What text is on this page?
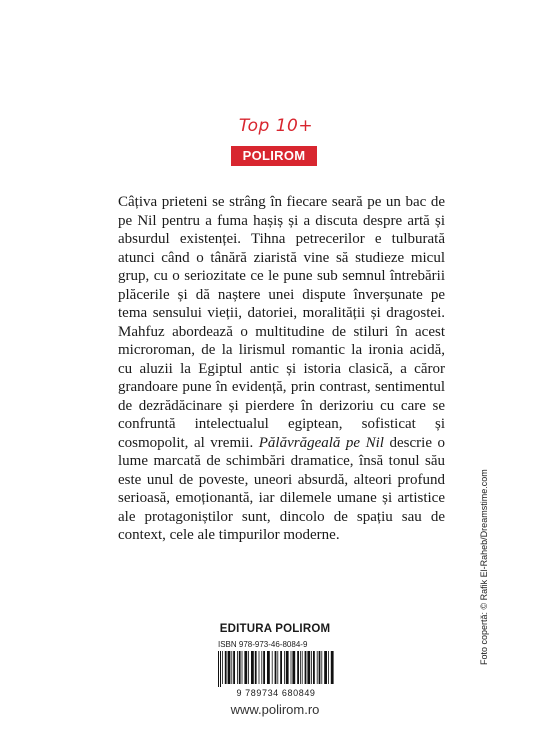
Top 10+
POLIROM

Câțiva prieteni se strâng în fiecare seară pe un bac de pe Nil pentru a fuma hașiș și a discuta despre artă și absurdul existenței. Tihna petrecerilor e tulburată atunci când o tânără ziaristă vine să studieze micul grup, cu o seriozitate ce le pune sub semnul întrebării plăcerile și dă naștere unei dispute înverșunate pe tema sensului vieții, datoriei, moralității și dragostei. Mahfuz abordează o multitudine de stiluri în acest microroman, de la lirismul romantic la ironia acidă, cu aluzii la Egiptul antic și istoria clasică, a căror grandoare pune în evidență, prin contrast, sentimentul de dezrădăcinare și pierdere în derizoriu cu care se confruntă intelectualul egiptean, sofisticat și cosmopolit, al vremii. Pălăvrăgeală pe Nil descrie o lume marcată de schimbări dramatice, însă tonul său este unul de poveste, uneori absurdă, alteori profund serioasă, emoționantă, iar dilemele umane și artistice ale protagoniștilor sunt, dincolo de spațiu sau de context, cele ale timpurilor moderne.

EDITURA POLIROM
ISBN 978-973-46-8084-9
9 789734 680849
www.polirom.ro
Foto copertă: © Rafik El-Raheb/Dreamstime.com
